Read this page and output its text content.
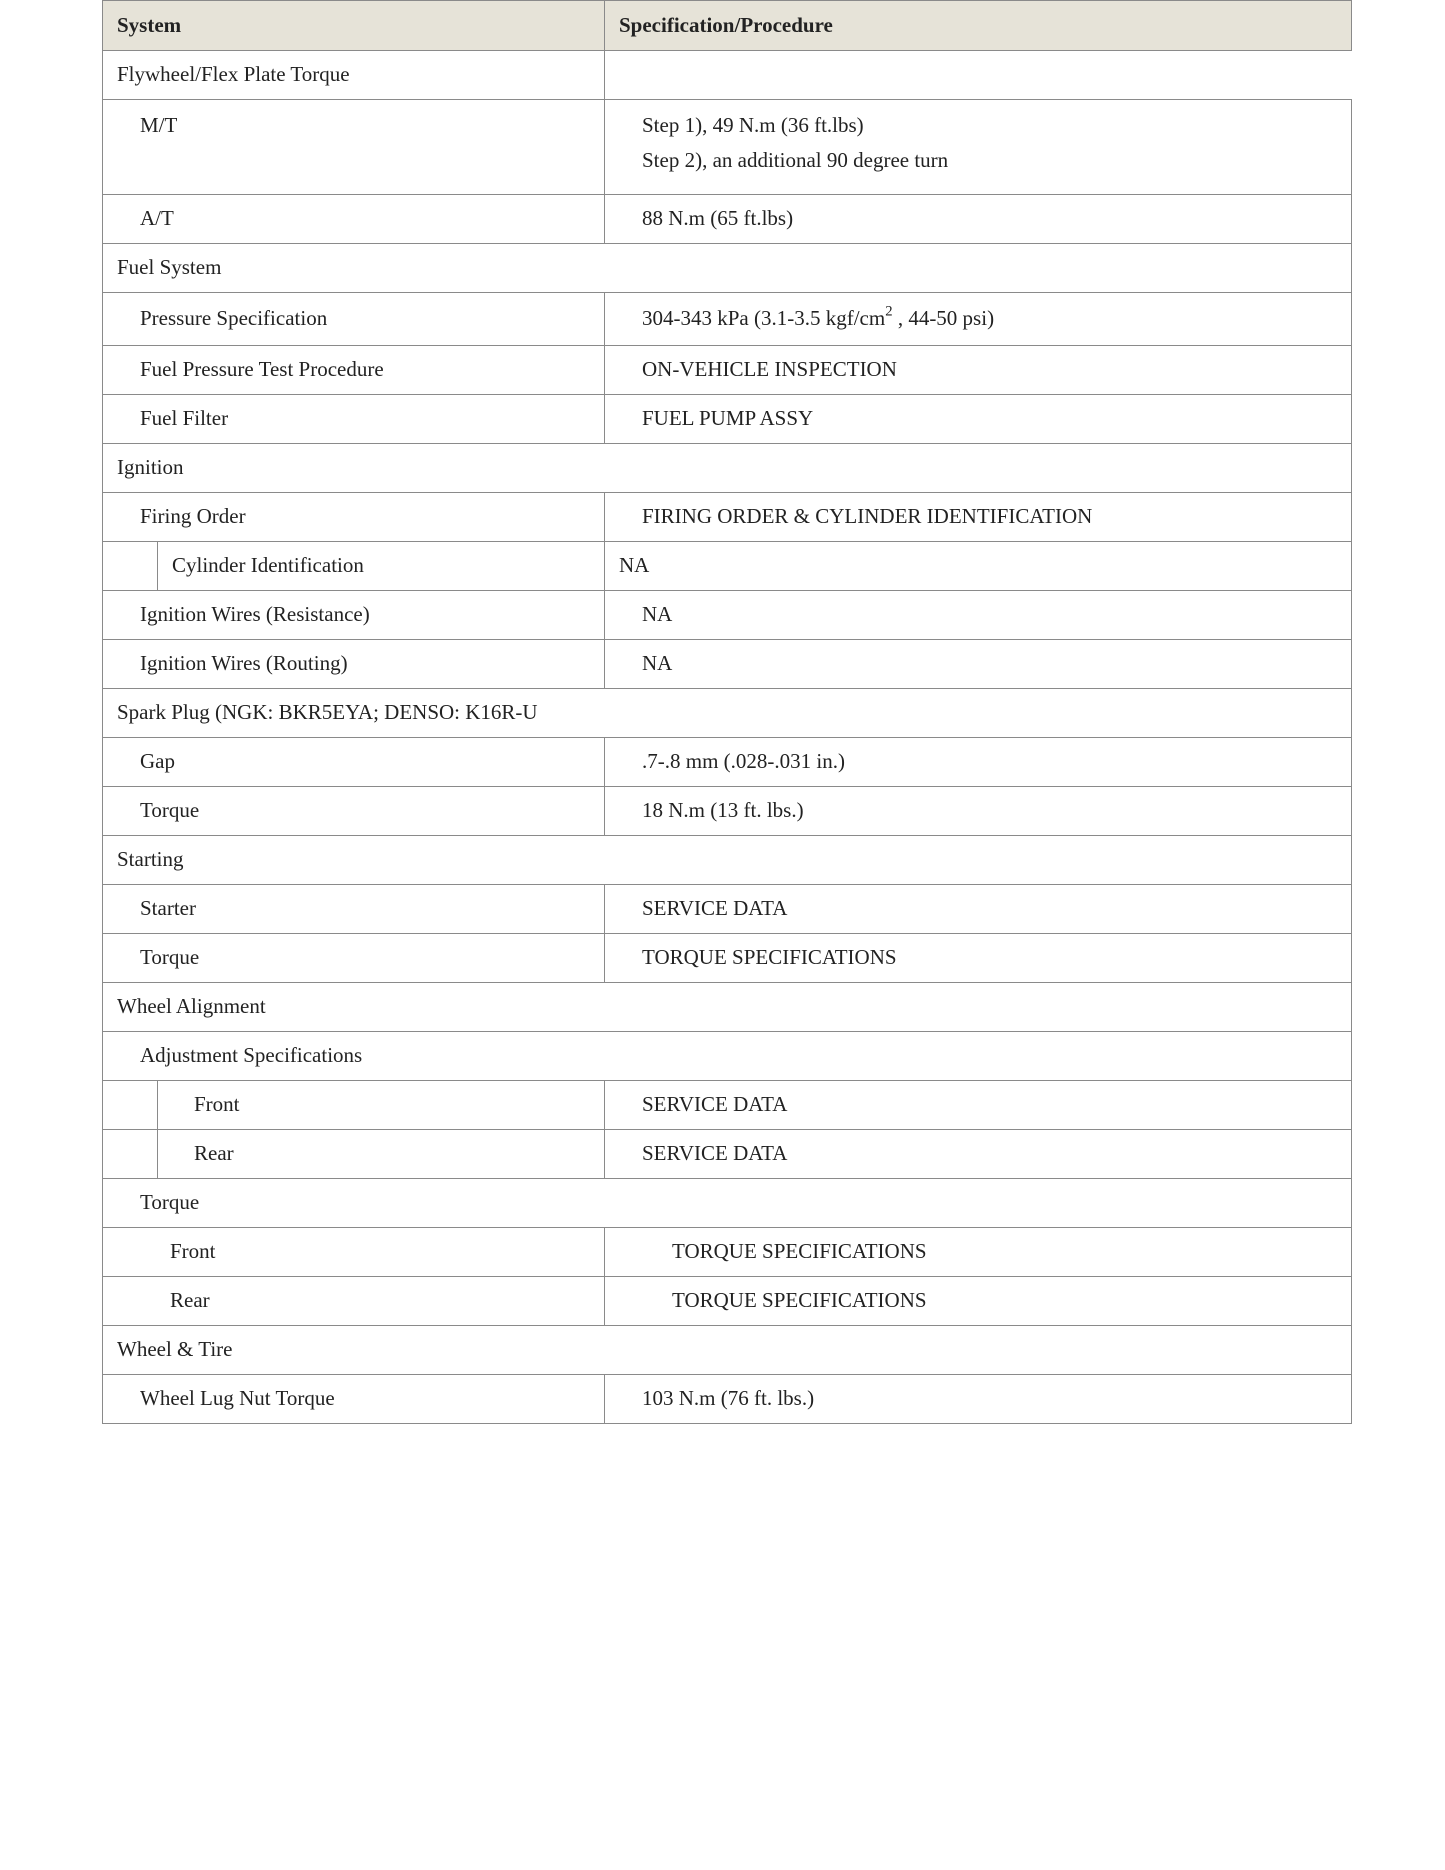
System	Specification/Procedure
Flywheel/Flex Plate Torque	
M/T	Step 1), 49 N.m (36 ft.lbs)
Step 2), an additional 90 degree turn

A/T	88 N.m (65 ft.lbs)
Fuel System	
Pressure Specification	304-343 kPa (3.1-3.5 kgf/$cm^2$ , 44-50 psi)
Fuel Pressure Test Procedure	ON-VEHICLE INSPECTION
Fuel Filter	FUEL PUMP ASSY
Ignition	
Firing Order	FIRING ORDER & CYLINDER IDENTIFICATION

Cylinder Identification	NA
Ignition Wires (Resistance)	NA
Ignition Wires (Routing)	NA
Spark Plug (NGK: BKR5EYA; DENSO: K16R-U	
Gap	.7-.8 mm (.028-.031 in.)
Torque	18 N.m (13 ft. lbs.)
Starting	
Starter	SERVICE DATA
Torque	TORQUE SPECIFICATIONS
Wheel Alignment	
Adjustment Specifications	

Front	SERVICE DATA

Rear	SERVICE DATA
Torque	
Front	TORQUE SPECIFICATIONS
Rear	TORQUE SPECIFICATIONS
Wheel & Tire	
Wheel Lug Nut Torque	103 N.m (76 ft. lbs.)
